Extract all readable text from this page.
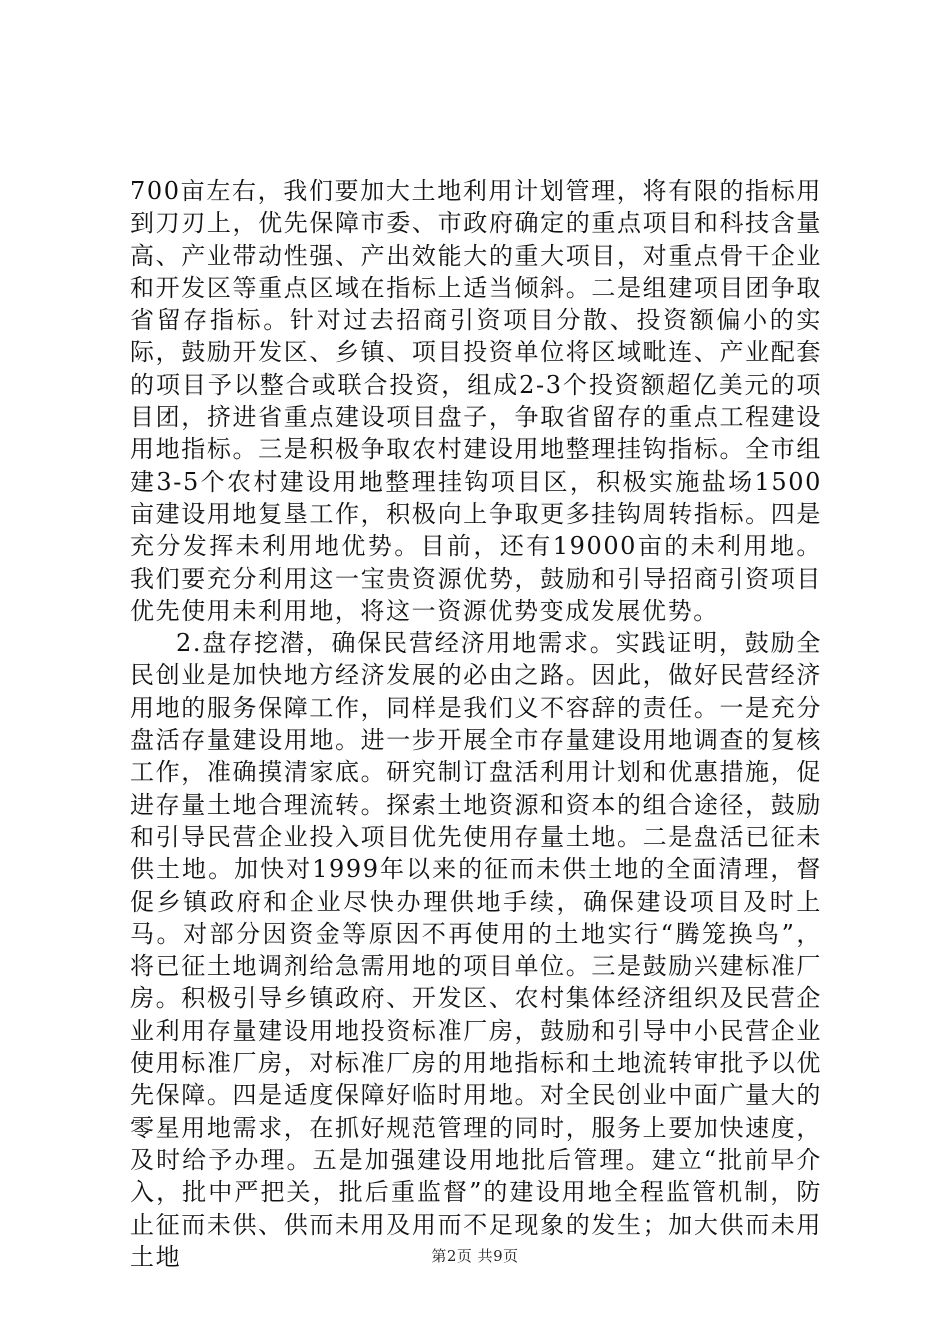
700亩左右，我们要加大土地利用计划管理，将有限的指标用到刀刃上，优先保障市委、市政府确定的重点项目和科技含量高、产业带动性强、产出效能大的重大项目，对重点骨干企业和开发区等重点区域在指标上适当倾斜。二是组建项目团争取省留存指标。针对过去招商引资项目分散、投资额偏小的实际，鼓励开发区、乡镇、项目投资单位将区域毗连、产业配套的项目予以整合或联合投资，组成2-3个投资额超亿美元的项目团，挤进省重点建设项目盘子，争取省留存的重点工程建设用地指标。三是积极争取农村建设用地整理挂钩指标。全市组建3-5个农村建设用地整理挂钩项目区，积极实施盐场1500亩建设用地复垦工作，积极向上争取更多挂钩周转指标。四是充分发挥未利用地优势。目前，还有19000亩的未利用地。我们要充分利用这一宝贵资源优势，鼓励和引导招商引资项目优先使用未利用地，将这一资源优势变成发展优势。

2.盘存挖潜，确保民营经济用地需求。实践证明，鼓励全民创业是加快地方经济发展的必由之路。因此，做好民营经济用地的服务保障工作，同样是我们义不容辞的责任。一是充分盘活存量建设用地。进一步开展全市存量建设用地调查的复核工作，准确摸清家底。研究制订盘活利用计划和优惠措施，促进存量土地合理流转。探索土地资源和资本的组合途径，鼓励和引导民营企业投入项目优先使用存量土地。二是盘活已征未供土地。加快对1999年以来的征而未供土地的全面清理，督促乡镇政府和企业尽快办理供地手续，确保建设项目及时上马。对部分因资金等原因不再使用的土地实行“腾笼换鸟”，将已征土地调剂给急需用地的项目单位。三是鼓励兴建标准厂房。积极引导乡镇政府、开发区、农村集体经济组织及民营企业利用存量建设用地投资标准厂房，鼓励和引导中小民营企业使用标准厂房，对标准厂房的用地指标和土地流转审批予以优先保障。四是适度保障好临时用地。对全民创业中面广量大的零星用地需求，在抓好规范管理的同时，服务上要加快速度，及时给予办理。五是加强建设用地批后管理。建立“批前早介入，批中严把关，批后重监督”的建设用地全程监管机制，防止征而未供、供而未用及用而不足现象的发生；加大供而未用土地	第2页 共9页
